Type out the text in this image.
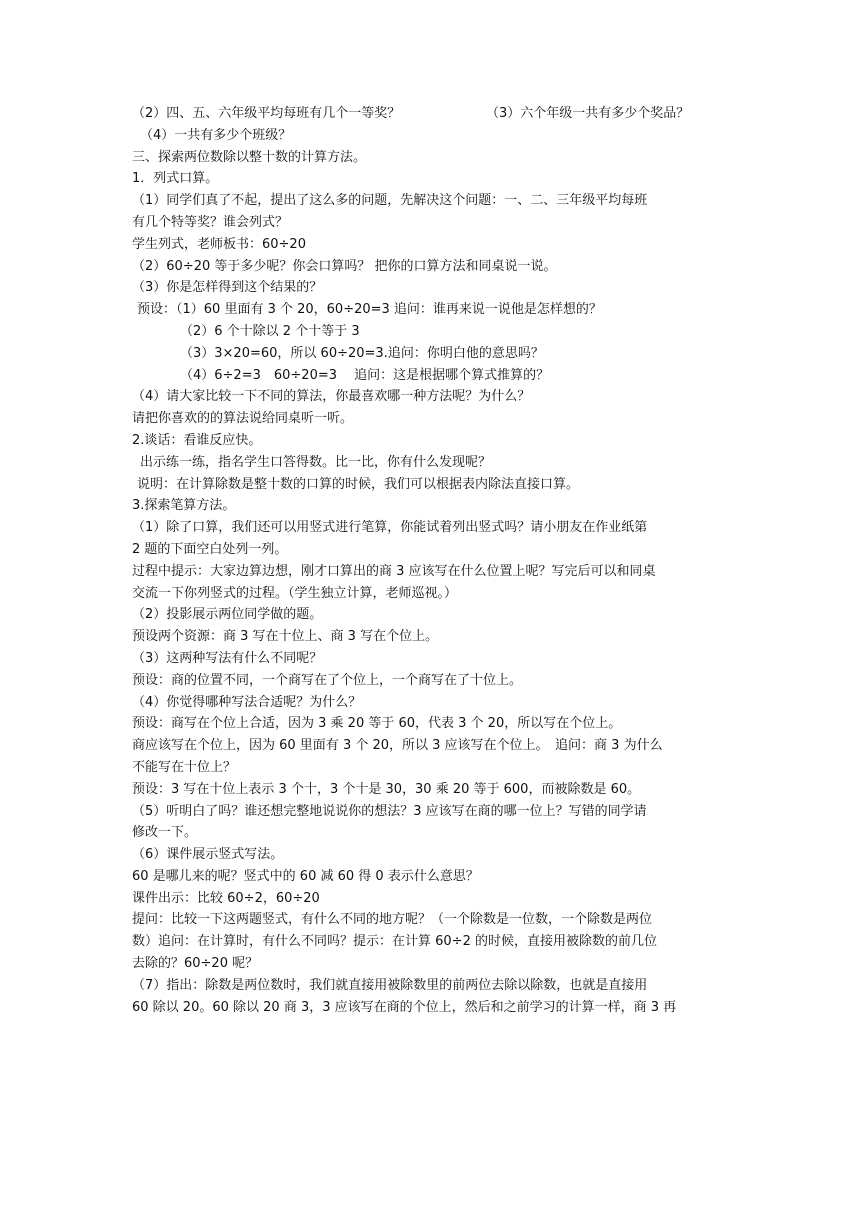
（2）四、五、六年级平均每班有几个一等奖？	（3）六个年级一共有多少个奖品？
（4）一共有多少个班级？
三、探索两位数除以整十数的计算方法。
1．列式口算。
（1）同学们真了不起，提出了这么多的问题，先解决这个问题：一、二、三年级平均每班
有几个特等奖？谁会列式？
学生列式，老师板书：60÷20
（2）60÷20 等于多少呢？你会口算吗？ 把你的口算方法和同桌说一说。
（3）你是怎样得到这个结果的？
预设：（1）60 里面有 3 个 20，60÷20=3 追问：谁再来说一说他是怎样想的？
（2）6 个十除以 2 个十等于 3
（3）3×20=60，所以 60÷20=3.追问：你明白他的意思吗？
（4）6÷2=3　60÷20=3　 追问：这是根据哪个算式推算的？
（4）请大家比较一下不同的算法，你最喜欢哪一种方法呢？为什么？
请把你喜欢的的算法说给同桌听一听。
2.谈话：看谁反应快。
出示练一练，指名学生口答得数。比一比，你有什么发现呢？
说明：在计算除数是整十数的口算的时候，我们可以根据表内除法直接口算。
3.探索笔算方法。
（1）除了口算，我们还可以用竖式进行笔算，你能试着列出竖式吗？请小朋友在作业纸第
2 题的下面空白处列一列。
过程中提示：大家边算边想，刚才口算出的商 3 应该写在什么位置上呢？写完后可以和同桌
交流一下你列竖式的过程。（学生独立计算，老师巡视。）
（2）投影展示两位同学做的题。
预设两个资源：商 3 写在十位上、商 3 写在个位上。
（3）这两种写法有什么不同呢？
预设：商的位置不同，一个商写在了个位上，一个商写在了十位上。
（4）你觉得哪种写法合适呢？为什么？
预设：商写在个位上合适，因为 3 乘 20 等于 60，代表 3 个 20，所以写在个位上。
商应该写在个位上，因为 60 里面有 3 个 20，所以 3 应该写在个位上。　追问：商 3 为什么
不能写在十位上？
预设：3 写在十位上表示 3 个十，3 个十是 30，30 乘 20 等于 600，而被除数是 60。
（5）听明白了吗？谁还想完整地说说你的想法？3 应该写在商的哪一位上？写错的同学请
修改一下。
（6）课件展示竖式写法。
60 是哪儿来的呢？竖式中的 60 减 60 得 0 表示什么意思？
课件出示：比较 60÷2，60÷20
提问：比较一下这两题竖式，有什么不同的地方呢？（一个除数是一位数，一个除数是两位
数）追问：在计算时，有什么不同吗？提示：在计算 60÷2 的时候，直接用被除数的前几位
去除的？60÷20 呢？
（7）指出：除数是两位数时，我们就直接用被除数里的前两位去除以除数，也就是直接用
60 除以 20。60 除以 20 商 3，3 应该写在商的个位上，然后和之前学习的计算一样，商 3 再
